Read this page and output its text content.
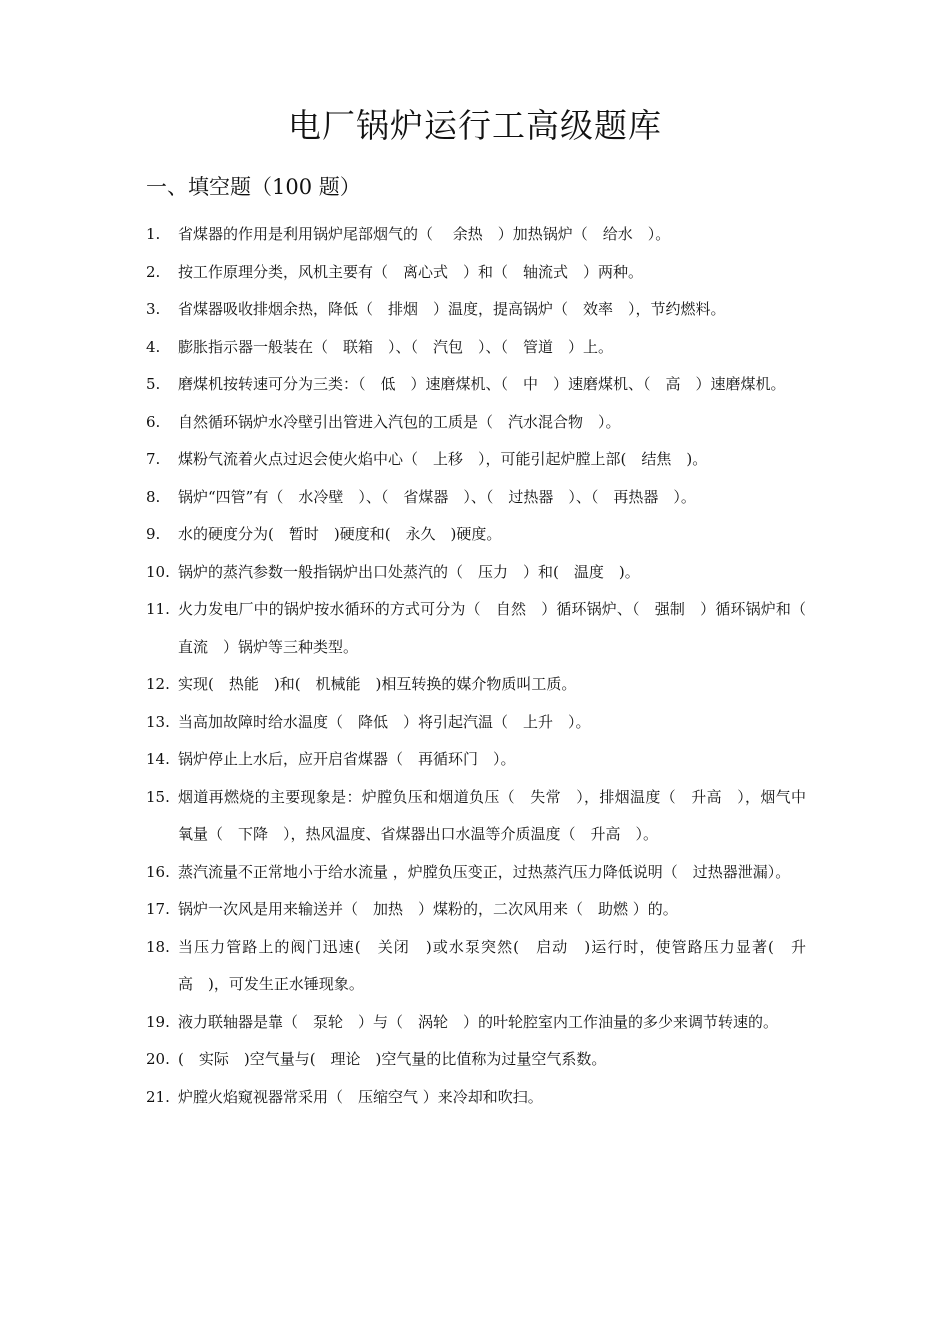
电厂锅炉运行工高级题库
一、填空题（100 题）
1.	省煤器的作用是利用锅炉尾部烟气的（　 余热　）加热锅炉（　给水　）。
2.	按工作原理分类，风机主要有（　离心式　）和（　轴流式　）两种。
3.	省煤器吸收排烟余热，降低（　排烟　）温度，提高锅炉（　效率　），节约燃料。
4.	膨胀指示器一般装在（　联箱　）、（　汽包　）、（　管道　）上。
5.	磨煤机按转速可分为三类：（　低　）速磨煤机、（　中　）速磨煤机、（　高　）速磨煤机。
6.	自然循环锅炉水冷壁引出管进入汽包的工质是（　汽水混合物　）。
7.	煤粉气流着火点过迟会使火焰中心（　上移　），可能引起炉膛上部(　结焦　)。
8.	锅炉“四管”有（　水冷壁　）、（　省煤器　）、（　过热器　）、（　再热器　）。
9.	水的硬度分为(　暂时　)硬度和(　永久　)硬度。
10. 锅炉的蒸汽参数一般指锅炉出口处蒸汽的（　压力　）和(　温度　)。
11. 火力发电厂中的锅炉按水循环的方式可分为（　自然　）循环锅炉、（　强制　）循环锅炉和（　直流　）锅炉等三种类型。
12. 实现(　热能　)和(　机械能　)相互转换的媒介物质叫工质。
13. 当高加故障时给水温度（　降低　）将引起汽温（　上升　）。
14. 锅炉停止上水后，应开启省煤器（　再循环门　）。
15. 烟道再燃烧的主要现象是：炉膛负压和烟道负压（　失常　），排烟温度（　升高　），烟气中氧量（　下降　），热风温度、省煤器出口水温等介质温度（　升高　）。
16. 蒸汽流量不正常地小于给水流量 ，炉膛负压变正，过热蒸汽压力降低说明（　过热器泄漏）。
17. 锅炉一次风是用来输送并（　加热　）煤粉的，二次风用来（　助燃 ）的。
18. 当压力管路上的阀门迅速(　关闭　)或水泵突然(　启动　)运行时，使管路压力显著(　升高　)，可发生正水锤现象。
19. 液力联轴器是靠（　泵轮　）与（　涡轮　）的叶轮腔室内工作油量的多少来调节转速的。
20. (　实际　)空气量与(　理论　)空气量的比值称为过量空气系数。
21. 炉膛火焰窥视器常采用（　压缩空气 ）来冷却和吹扫。
